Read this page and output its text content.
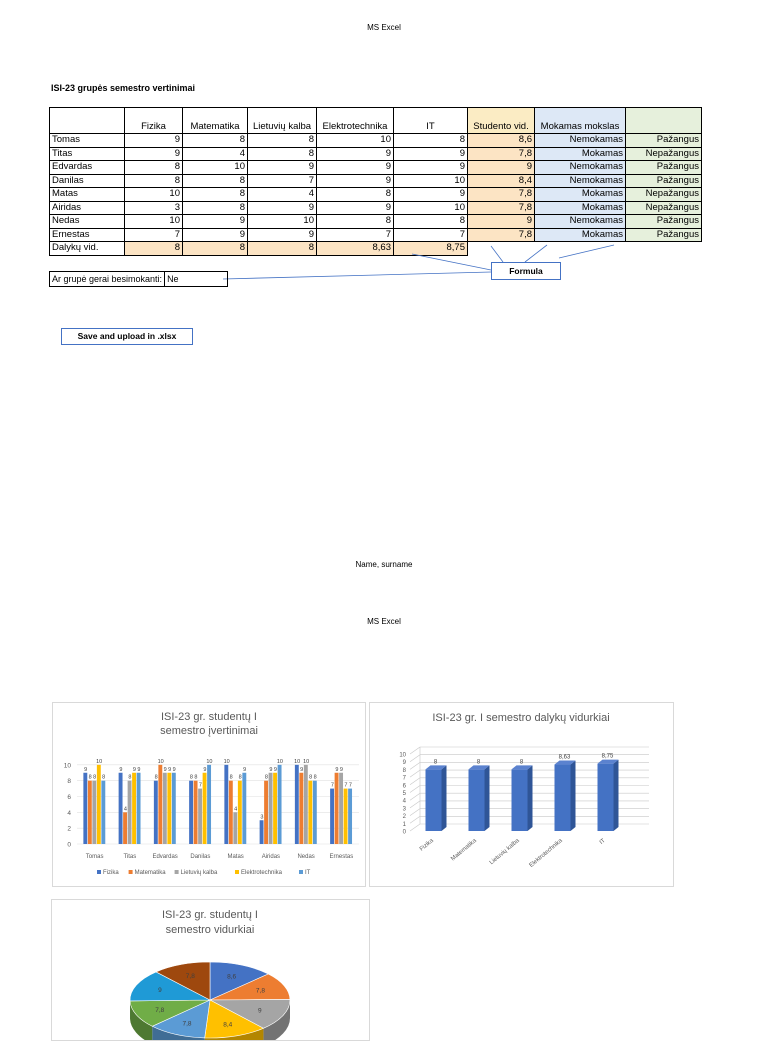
MS Excel
ISI-23 grupės semestro vertinimai
	Fizika	Matematika	Lietuvių kalba	Elektrotechnika	IT	Studento vid.	Mokamas mokslas	
Tomas	9	8	8	10	8	8,6	Nemokamas	Pažangus
Titas	9	4	8	9	9	7,8	Mokamas	Nepažangus
Edvardas	8	10	9	9	9	9	Nemokamas	Pažangus
Danilas	8	8	7	9	10	8,4	Nemokamas	Pažangus
Matas	10	8	4	8	9	7,8	Mokamas	Nepažangus
Airidas	3	8	9	9	10	7,8	Mokamas	Nepažangus
Nedas	10	9	10	8	8	9	Nemokamas	Pažangus
Ernestas	7	9	9	7	7	7,8	Mokamas	Pažangus
Dalykų vid.	8	8	8	8,63	8,75			
Formula
Ar grupė gerai besimokanti: Ne
Save and upload in .xlsx
Name, surname
MS Excel
ISI-23 gr. studentų I
semestro įvertinimai
0
2
4
6
8
10
9
8 8
10
8
Tomas
9
4
8
9 9
Titas
8
10
9 9 9
Edvardas
8 8
7
9
10
Danilas
10
8
4
8
9
Matas
3
8
9 9
10
Airidas
10
9
10
8 8
Nedas
7
9 9
7 7
Ernestas
Fizika	Matematika Lietuvių kalba	Elektrotechnika	IT
ISI-23 gr. I semestro dalykų vidurkiai
0
1
2
3
4
5
6
7
8
9
10
8
Fizika
8
Matematika
8
Lietuvių kalba
8,63
Elektrotechnika
8,75
IT
ISI-23 gr. studentų I
semestro vidurkiai
8,6
7,8
9
8,4
7,8
7,8
9
7,8
